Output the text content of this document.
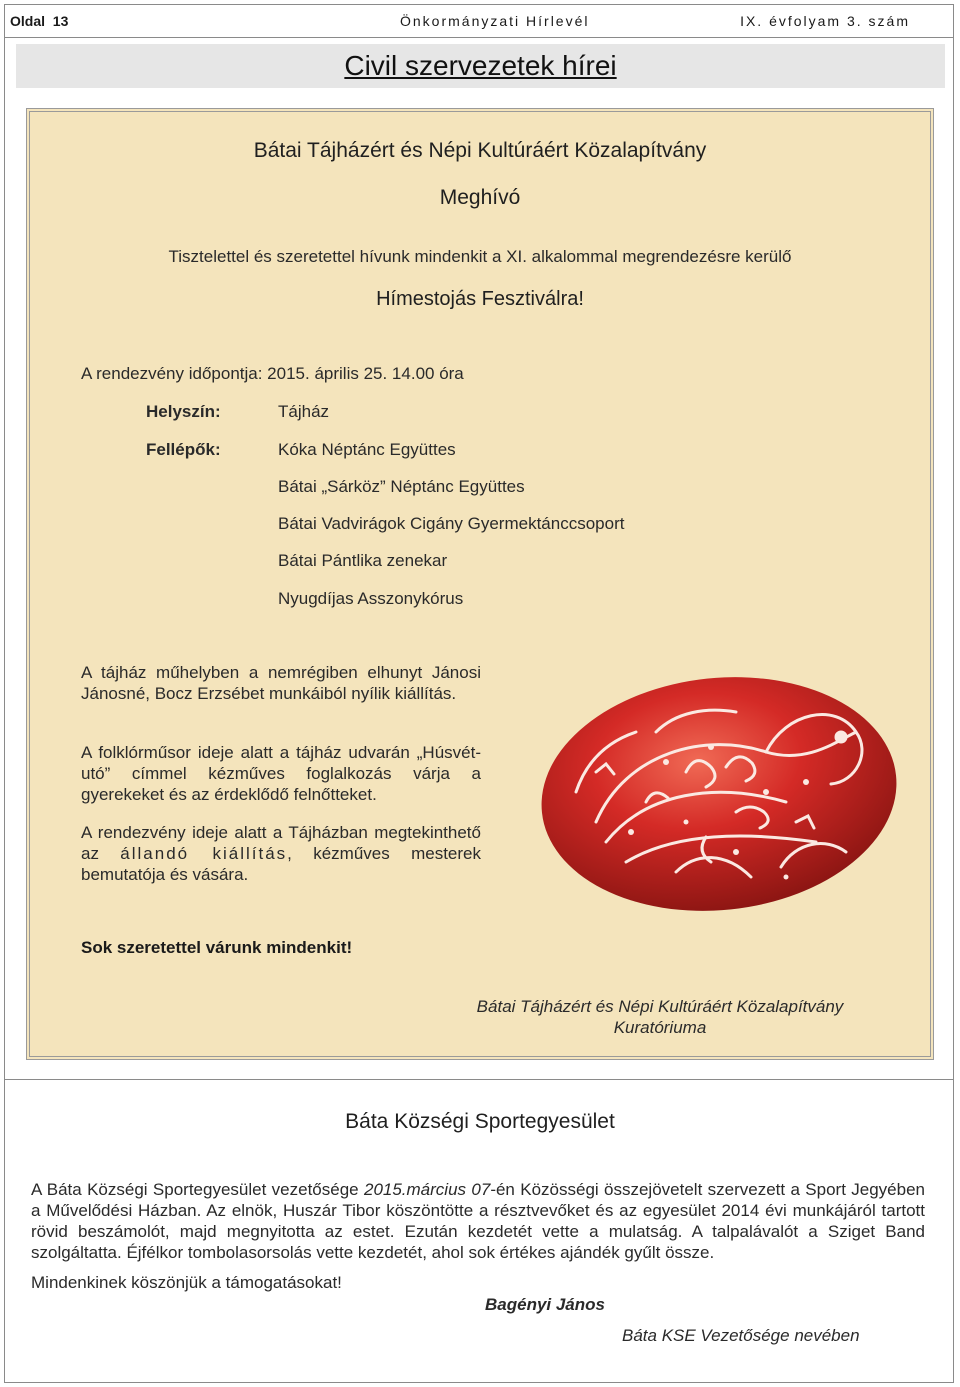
Oldal 13	Önkormányzati Hírlevél	IX. évfolyam 3. szám
Civil szervezetek hírei
Bátai Tájházért és Népi Kultúráért Közalapítvány
Meghívó
Tisztelettel és szeretettel hívunk mindenkit a XI. alkalommal megrendezésre kerülő
Hímestojás Fesztiválra!
A rendezvény időpontja: 2015. április 25. 14.00 óra
Helyszín:	Tájház
Fellépők:	Kóka Néptánc Együttes
Bátai „Sárköz” Néptánc Együttes
Bátai Vadvirágok Cigány Gyermektánccsoport
Bátai Pántlika zenekar
Nyugdíjas Asszonykórus
A tájház műhelyben a nemrégiben elhunyt Jánosi Jánosné, Bocz Erzsébet munkáiból nyílik kiállítás.
A folklórműsor ideje alatt a tájház udvarán „Húsvét-utó” címmel kézműves foglalkozás várja a gyerekeket és az érdeklődő felnőtteket.
A rendezvény ideje alatt a Tájházban megtekinthető az állandó kiállítás, kézműves mesterek bemutatója és vására.
Sok szeretettel várunk mindenkit!
Bátai Tájházért és Népi Kultúráért Közalapítvány
Kuratóriuma
Báta Községi Sportegyesület
A Báta Községi Sportegyesület vezetősége 2015.március 07-én Közösségi összejövetelt szervezett a Sport Jegyében a Művelődési Házban. Az elnök, Huszár Tibor köszöntötte a résztvevőket és az egyesület 2014 évi munkájáról tartott rövid beszámolót, majd megnyitotta az estet. Ezután kezdetét vette a mulatság. A talpalávalót a Sziget Band szolgáltatta. Éjfélkor tombolasorsolás vette kezdetét, ahol sok értékes ajándék gyűlt össze.
Mindenkinek köszönjük a támogatásokat!
Bagényi János
Báta KSE Vezetősége nevében
